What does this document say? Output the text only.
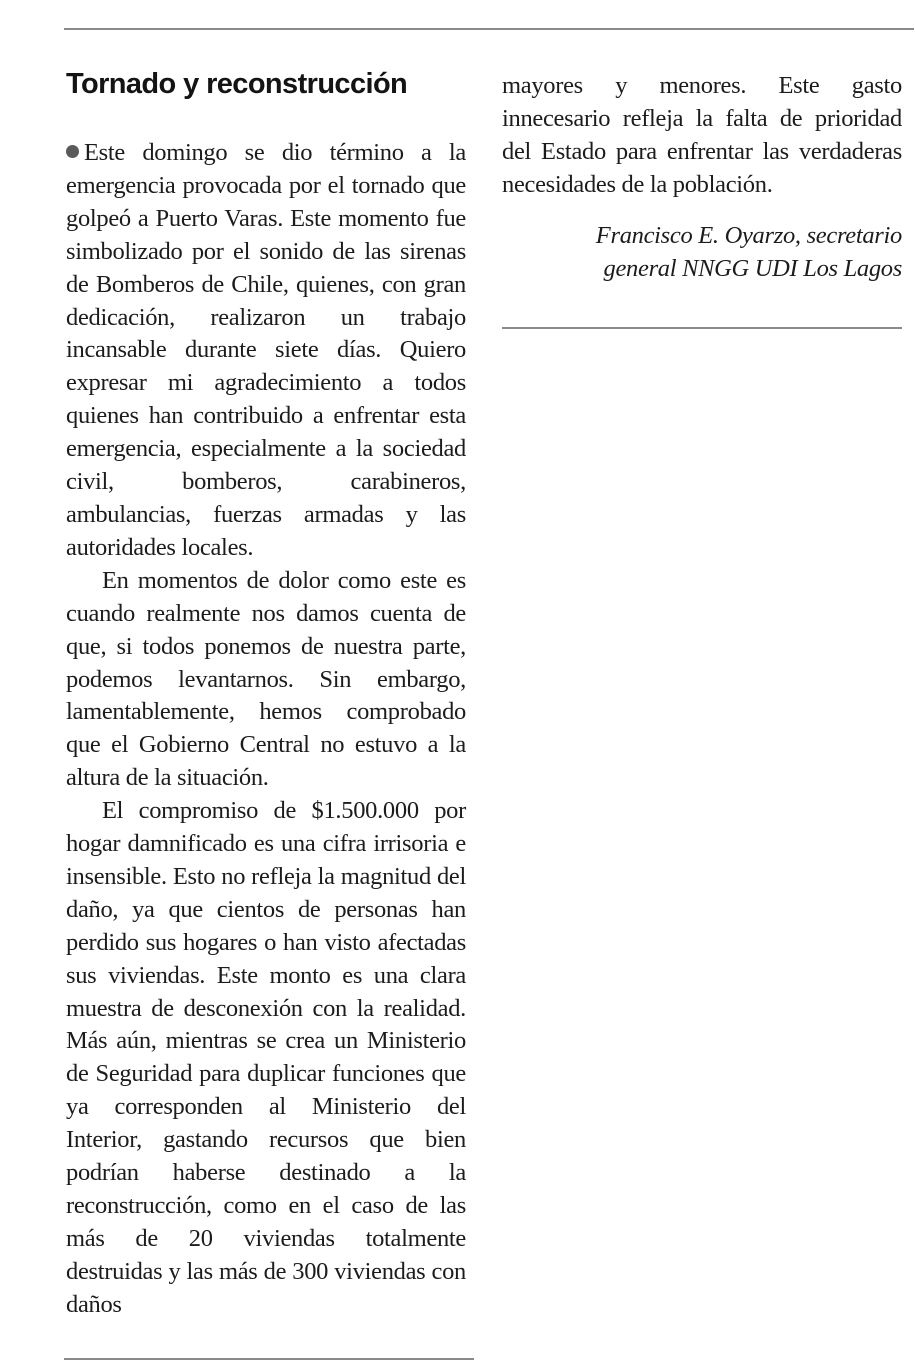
Tornado y reconstrucción

Este domingo se dio término a la emergencia provocada por el tornado que golpeó a Puerto Varas. Este momento fue simbolizado por el sonido de las sirenas de Bomberos de Chile, quienes, con gran dedicación, realizaron un trabajo incansable durante siete días. Quiero expresar mi agradecimiento a todos quienes han contribuido a enfrentar esta emergencia, especialmente a la sociedad civil, bomberos, carabineros, ambulancias, fuerzas armadas y las autoridades locales.

En momentos de dolor como este es cuando realmente nos damos cuenta de que, si todos ponemos de nuestra parte, podemos levantarnos. Sin embargo, lamentablemente, hemos comprobado que el Gobierno Central no estuvo a la altura de la situación.

El compromiso de $1.500.000 por hogar damnificado es una cifra irrisoria e insensible. Esto no refleja la magnitud del daño, ya que cientos de personas han perdido sus hogares o han visto afectadas sus viviendas. Este monto es una clara muestra de desconexión con la realidad. Más aún, mientras se crea un Ministerio de Seguridad para duplicar funciones que ya corresponden al Ministerio del Interior, gastando recursos que bien podrían haberse destinado a la reconstrucción, como en el caso de las más de 20 viviendas totalmente destruidas y las más de 300 viviendas con daños

mayores y menores. Este gasto innecesario refleja la falta de prioridad del Estado para enfrentar las verdaderas necesidades de la población.

Francisco E. Oyarzo, secretario
general NNGG UDI Los Lagos
